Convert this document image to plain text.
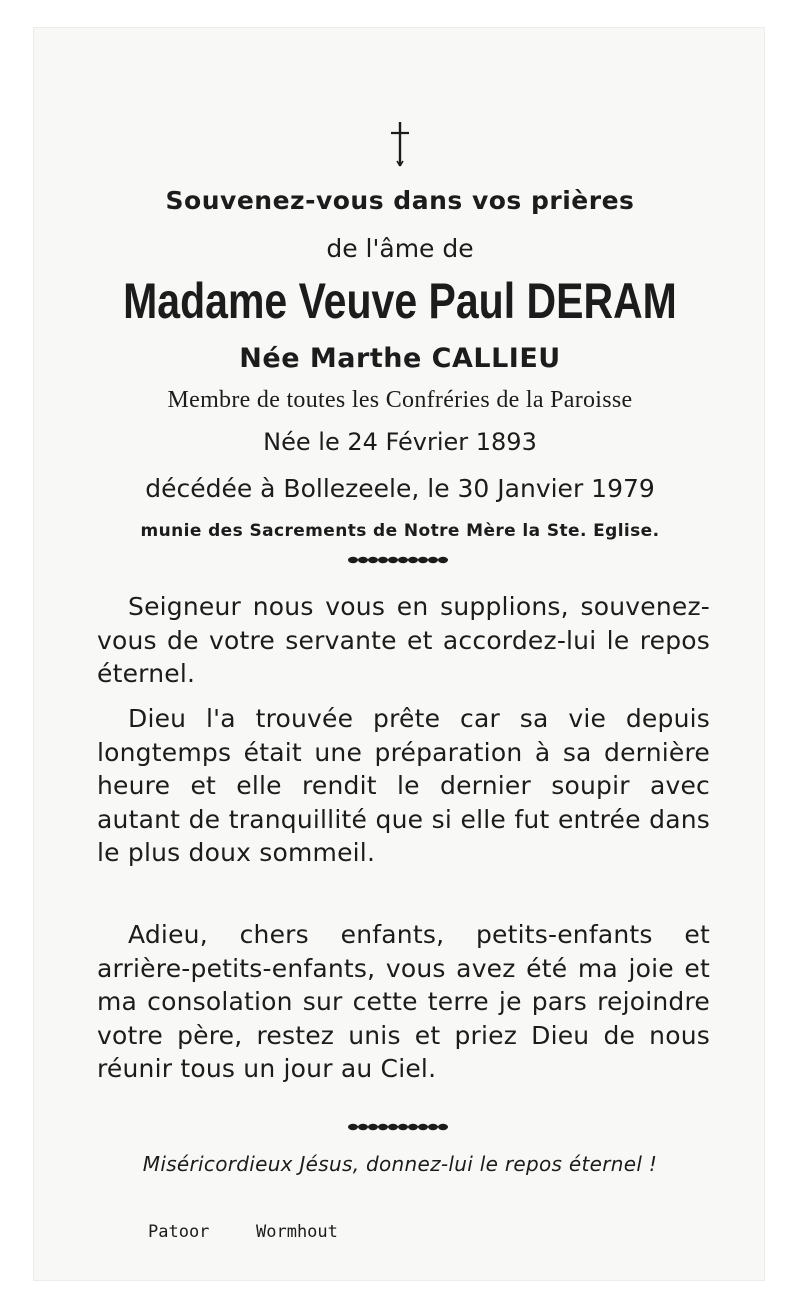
Souvenez-vous dans vos prières
de l'âme de
Madame Veuve Paul DERAM
Née Marthe CALLIEU
Membre de toutes les Confréries de la Paroisse
Née le 24 Février 1893
décédée à Bollezeele, le 30 Janvier 1979
munie des Sacrements de Notre Mère la Ste. Eglise.

Seigneur nous vous en supplions, souvenez-vous de votre servante et accordez-lui le repos éternel.

Dieu l'a trouvée prête car sa vie depuis longtemps était une préparation à sa dernière heure et elle rendit le dernier soupir avec autant de tranquillité que si elle fut entrée dans le plus doux sommeil.

Adieu, chers enfants, petits-enfants et arrière-petits-enfants, vous avez été ma joie et ma consolation sur cette terre je pars rejoindre votre père, restez unis et priez Dieu de nous réunir tous un jour au Ciel.

Miséricordieux Jésus, donnez-lui le repos éternel !
Patoor	Wormhout
